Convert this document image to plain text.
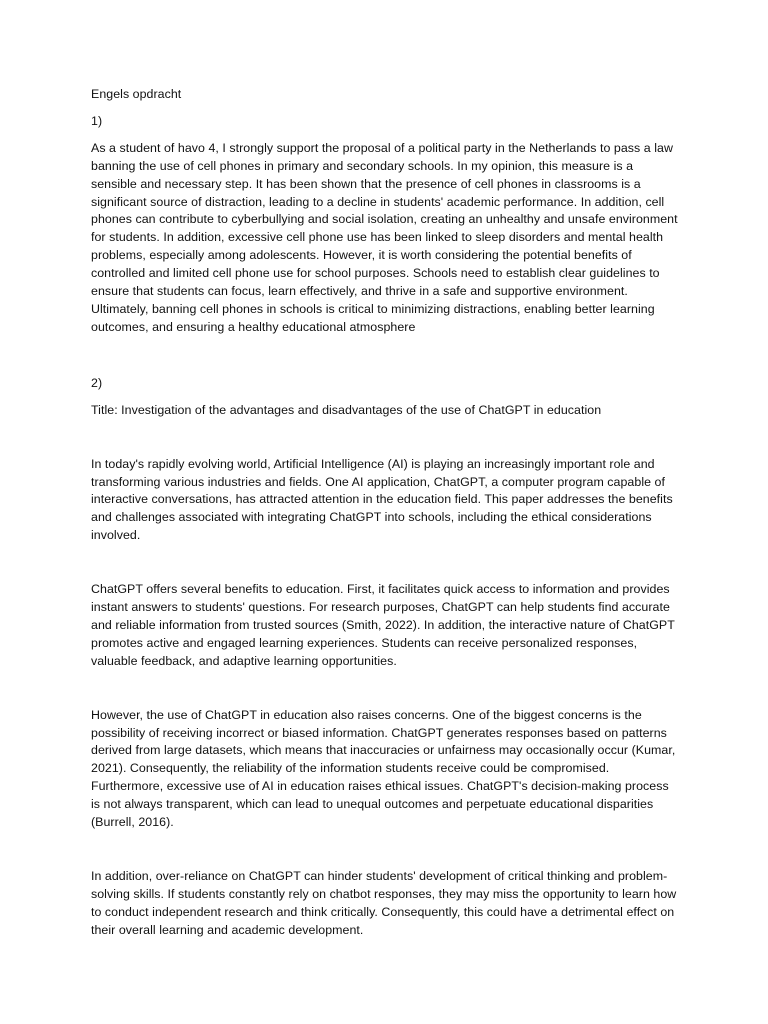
Engels opdracht

1)

As a student of havo 4, I strongly support the proposal of a political party in the Netherlands to pass a law banning the use of cell phones in primary and secondary schools. In my opinion, this measure is a sensible and necessary step. It has been shown that the presence of cell phones in classrooms is a significant source of distraction, leading to a decline in students' academic performance. In addition, cell phones can contribute to cyberbullying and social isolation, creating an unhealthy and unsafe environment for students. In addition, excessive cell phone use has been linked to sleep disorders and mental health problems, especially among adolescents. However, it is worth considering the potential benefits of controlled and limited cell phone use for school purposes. Schools need to establish clear guidelines to ensure that students can focus, learn effectively, and thrive in a safe and supportive environment. Ultimately, banning cell phones in schools is critical to minimizing distractions, enabling better learning outcomes, and ensuring a healthy educational atmosphere

2)

Title: Investigation of the advantages and disadvantages of the use of ChatGPT in education

In today's rapidly evolving world, Artificial Intelligence (AI) is playing an increasingly important role and transforming various industries and fields. One AI application, ChatGPT, a computer program capable of interactive conversations, has attracted attention in the education field. This paper addresses the benefits and challenges associated with integrating ChatGPT into schools, including the ethical considerations involved.

ChatGPT offers several benefits to education. First, it facilitates quick access to information and provides instant answers to students' questions. For research purposes, ChatGPT can help students find accurate and reliable information from trusted sources (Smith, 2022). In addition, the interactive nature of ChatGPT promotes active and engaged learning experiences. Students can receive personalized responses, valuable feedback, and adaptive learning opportunities.

However, the use of ChatGPT in education also raises concerns. One of the biggest concerns is the possibility of receiving incorrect or biased information. ChatGPT generates responses based on patterns derived from large datasets, which means that inaccuracies or unfairness may occasionally occur (Kumar, 2021). Consequently, the reliability of the information students receive could be compromised. Furthermore, excessive use of AI in education raises ethical issues. ChatGPT's decision-making process is not always transparent, which can lead to unequal outcomes and perpetuate educational disparities (Burrell, 2016).

In addition, over-reliance on ChatGPT can hinder students' development of critical thinking and problem-solving skills. If students constantly rely on chatbot responses, they may miss the opportunity to learn how to conduct independent research and think critically. Consequently, this could have a detrimental effect on their overall learning and academic development.
